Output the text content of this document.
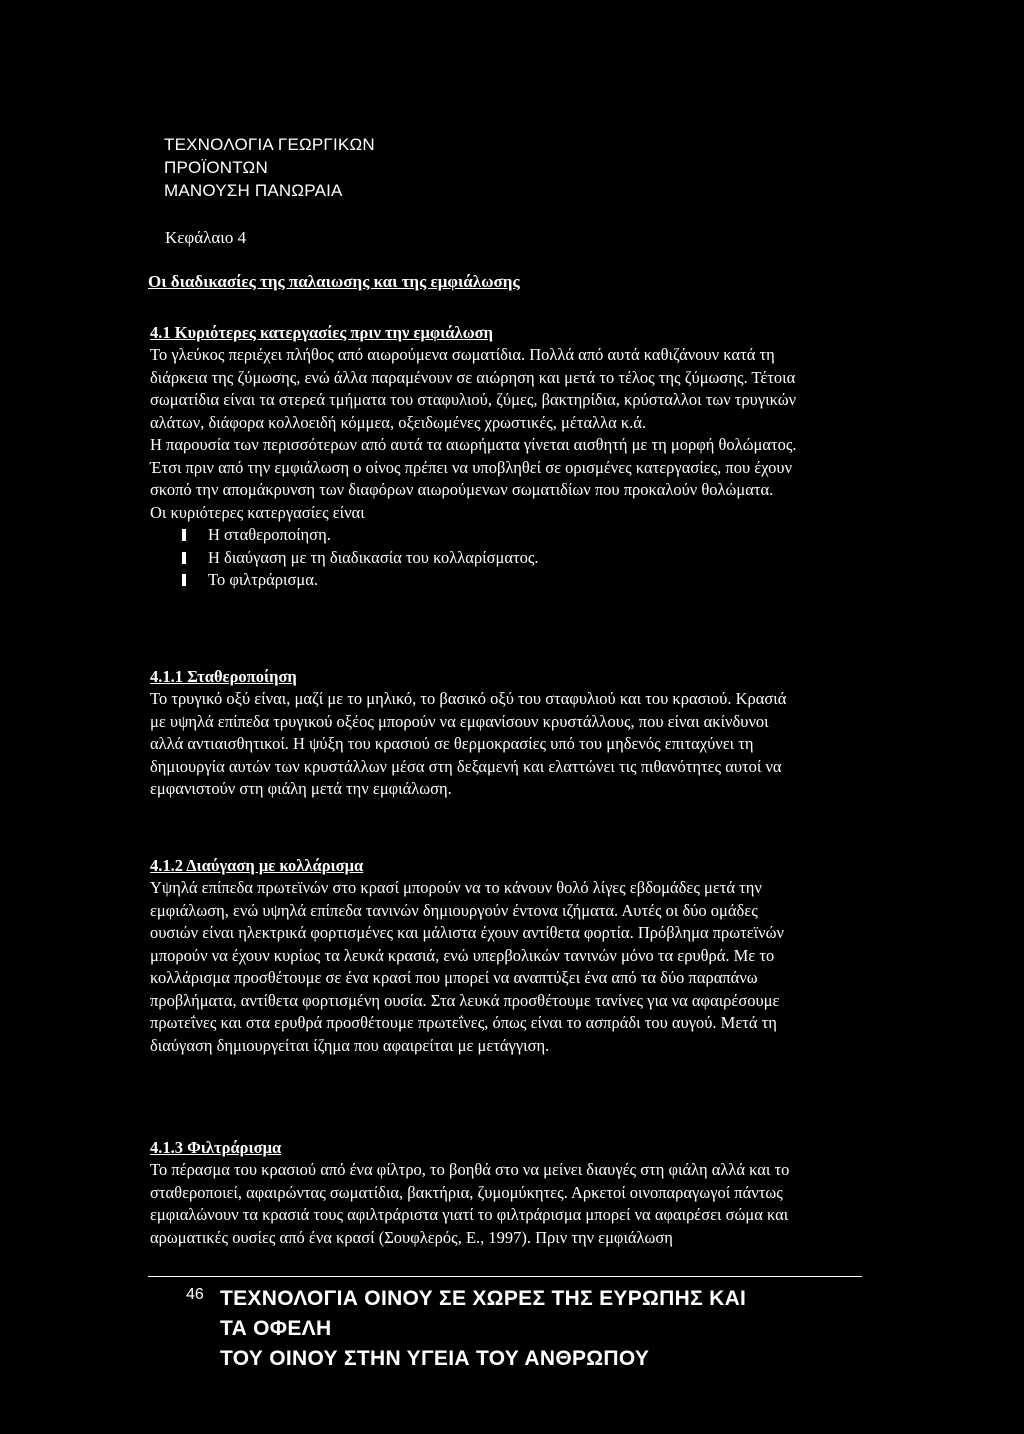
ΤΕΧΝΟΛΟΓΙΑ ΓΕΩΡΓΙΚΩΝ
ΠΡΟΪΟΝΤΩΝ
ΜΑΝΟΥΣΗ ΠΑΝΩΡΑΙΑ
Κεφάλαιο 4
Οι διαδικασίες της παλαιωσης και της εμφιάλωσης
4.1 Κυριότερες κατεργασίες πριν την εμφιάλωση

Το γλεύκος περιέχει πλήθος από αιωρούμενα σωματίδια. Πολλά από αυτά καθιζάνουν κατά τη διάρκεια της ζύμωσης, ενώ άλλα παραμένουν σε αιώρηση και μετά το τέλος της ζύμωσης. Τέτοια σωματίδια είναι τα στερεά τμήματα του σταφυλιού, ζύμες, βακτηρίδια, κρύσταλλοι των τρυγικών αλάτων, διάφορα κολλοειδή κόμμεα, οξειδωμένες χρωστικές, μέταλλα κ.ά.

Η παρουσία των περισσότερων από αυτά τα αιωρήματα γίνεται αισθητή με τη μορφή θολώματος. Έτσι πριν από την εμφιάλωση ο οίνος πρέπει να υποβληθεί σε ορισμένες κατεργασίες, που έχουν σκοπό την απομάκρυνση των διαφόρων αιωρούμενων σωματιδίων που προκαλούν θολώματα.

Οι κυριότερες κατεργασίες είναι

Η σταθεροποίηση.
Η διαύγαση με τη διαδικασία του κολλαρίσματος.
Το φιλτράρισμα.
4.1.1 Σταθεροποίηση

Το τρυγικό οξύ είναι, μαζί με το μηλικό, το βασικό οξύ του σταφυλιού και του κρασιού. Κρασιά με υψηλά επίπεδα τρυγικού οξέος μπορούν να εμφανίσουν κρυστάλλους, που είναι ακίνδυνοι αλλά αντιαισθητικοί. Η ψύξη του κρασιού σε θερμοκρασίες υπό του μηδενός επιταχύνει τη δημιουργία αυτών των κρυστάλλων μέσα στη δεξαμενή και ελαττώνει τις πιθανότητες αυτοί να εμφανιστούν στη φιάλη μετά την εμφιάλωση.

4.1.2 Διαύγαση με κολλάρισμα

Υψηλά επίπεδα πρωτεϊνών στο κρασί μπορούν να το κάνουν θολό λίγες εβδομάδες μετά την εμφιάλωση, ενώ υψηλά επίπεδα τανινών δημιουργούν έντονα ιζήματα. Αυτές οι δύο ομάδες ουσιών είναι ηλεκτρικά φορτισμένες και μάλιστα έχουν αντίθετα φορτία. Πρόβλημα πρωτεϊνών μπορούν να έχουν κυρίως τα λευκά κρασιά, ενώ υπερβολικών τανινών μόνο τα ερυθρά. Με το κολλάρισμα προσθέτουμε σε ένα κρασί που μπορεί να αναπτύξει ένα από τα δύο παραπάνω προβλήματα, αντίθετα φορτισμένη ουσία. Στα λευκά προσθέτουμε τανίνες για να αφαιρέσουμε πρωτεΐνες και στα ερυθρά προσθέτουμε πρωτεΐνες, όπως είναι το ασπράδι του αυγού. Μετά τη διαύγαση δημιουργείται ίζημα που αφαιρείται με μετάγγιση.

4.1.3 Φιλτράρισμα

Το πέρασμα του κρασιού από ένα φίλτρο, το βοηθά στο να μείνει διαυγές στη φιάλη αλλά και το σταθεροποιεί, αφαιρώντας σωματίδια, βακτήρια, ζυμομύκητες. Αρκετοί οινοπαραγωγοί πάντως εμφιαλώνουν τα κρασιά τους αφιλτράριστα γιατί το φιλτράρισμα μπορεί να αφαιρέσει σώμα και αρωματικές ουσίες από ένα κρασί (Σουφλερός, Ε., 1997). Πριν την εμφιάλωση

46 ΤΕΧΝΟΛΟΓΙΑ ΟΙΝΟΥ ΣΕ ΧΩΡΕΣ ΤΗΣ ΕΥΡΩΠΗΣ ΚΑΙ
ΤΑ ΟΦΕΛΗ
ΤΟΥ ΟΙΝΟΥ ΣΤΗΝ ΥΓΕΙΑ ΤΟΥ ΑΝΘΡΩΠΟΥ
